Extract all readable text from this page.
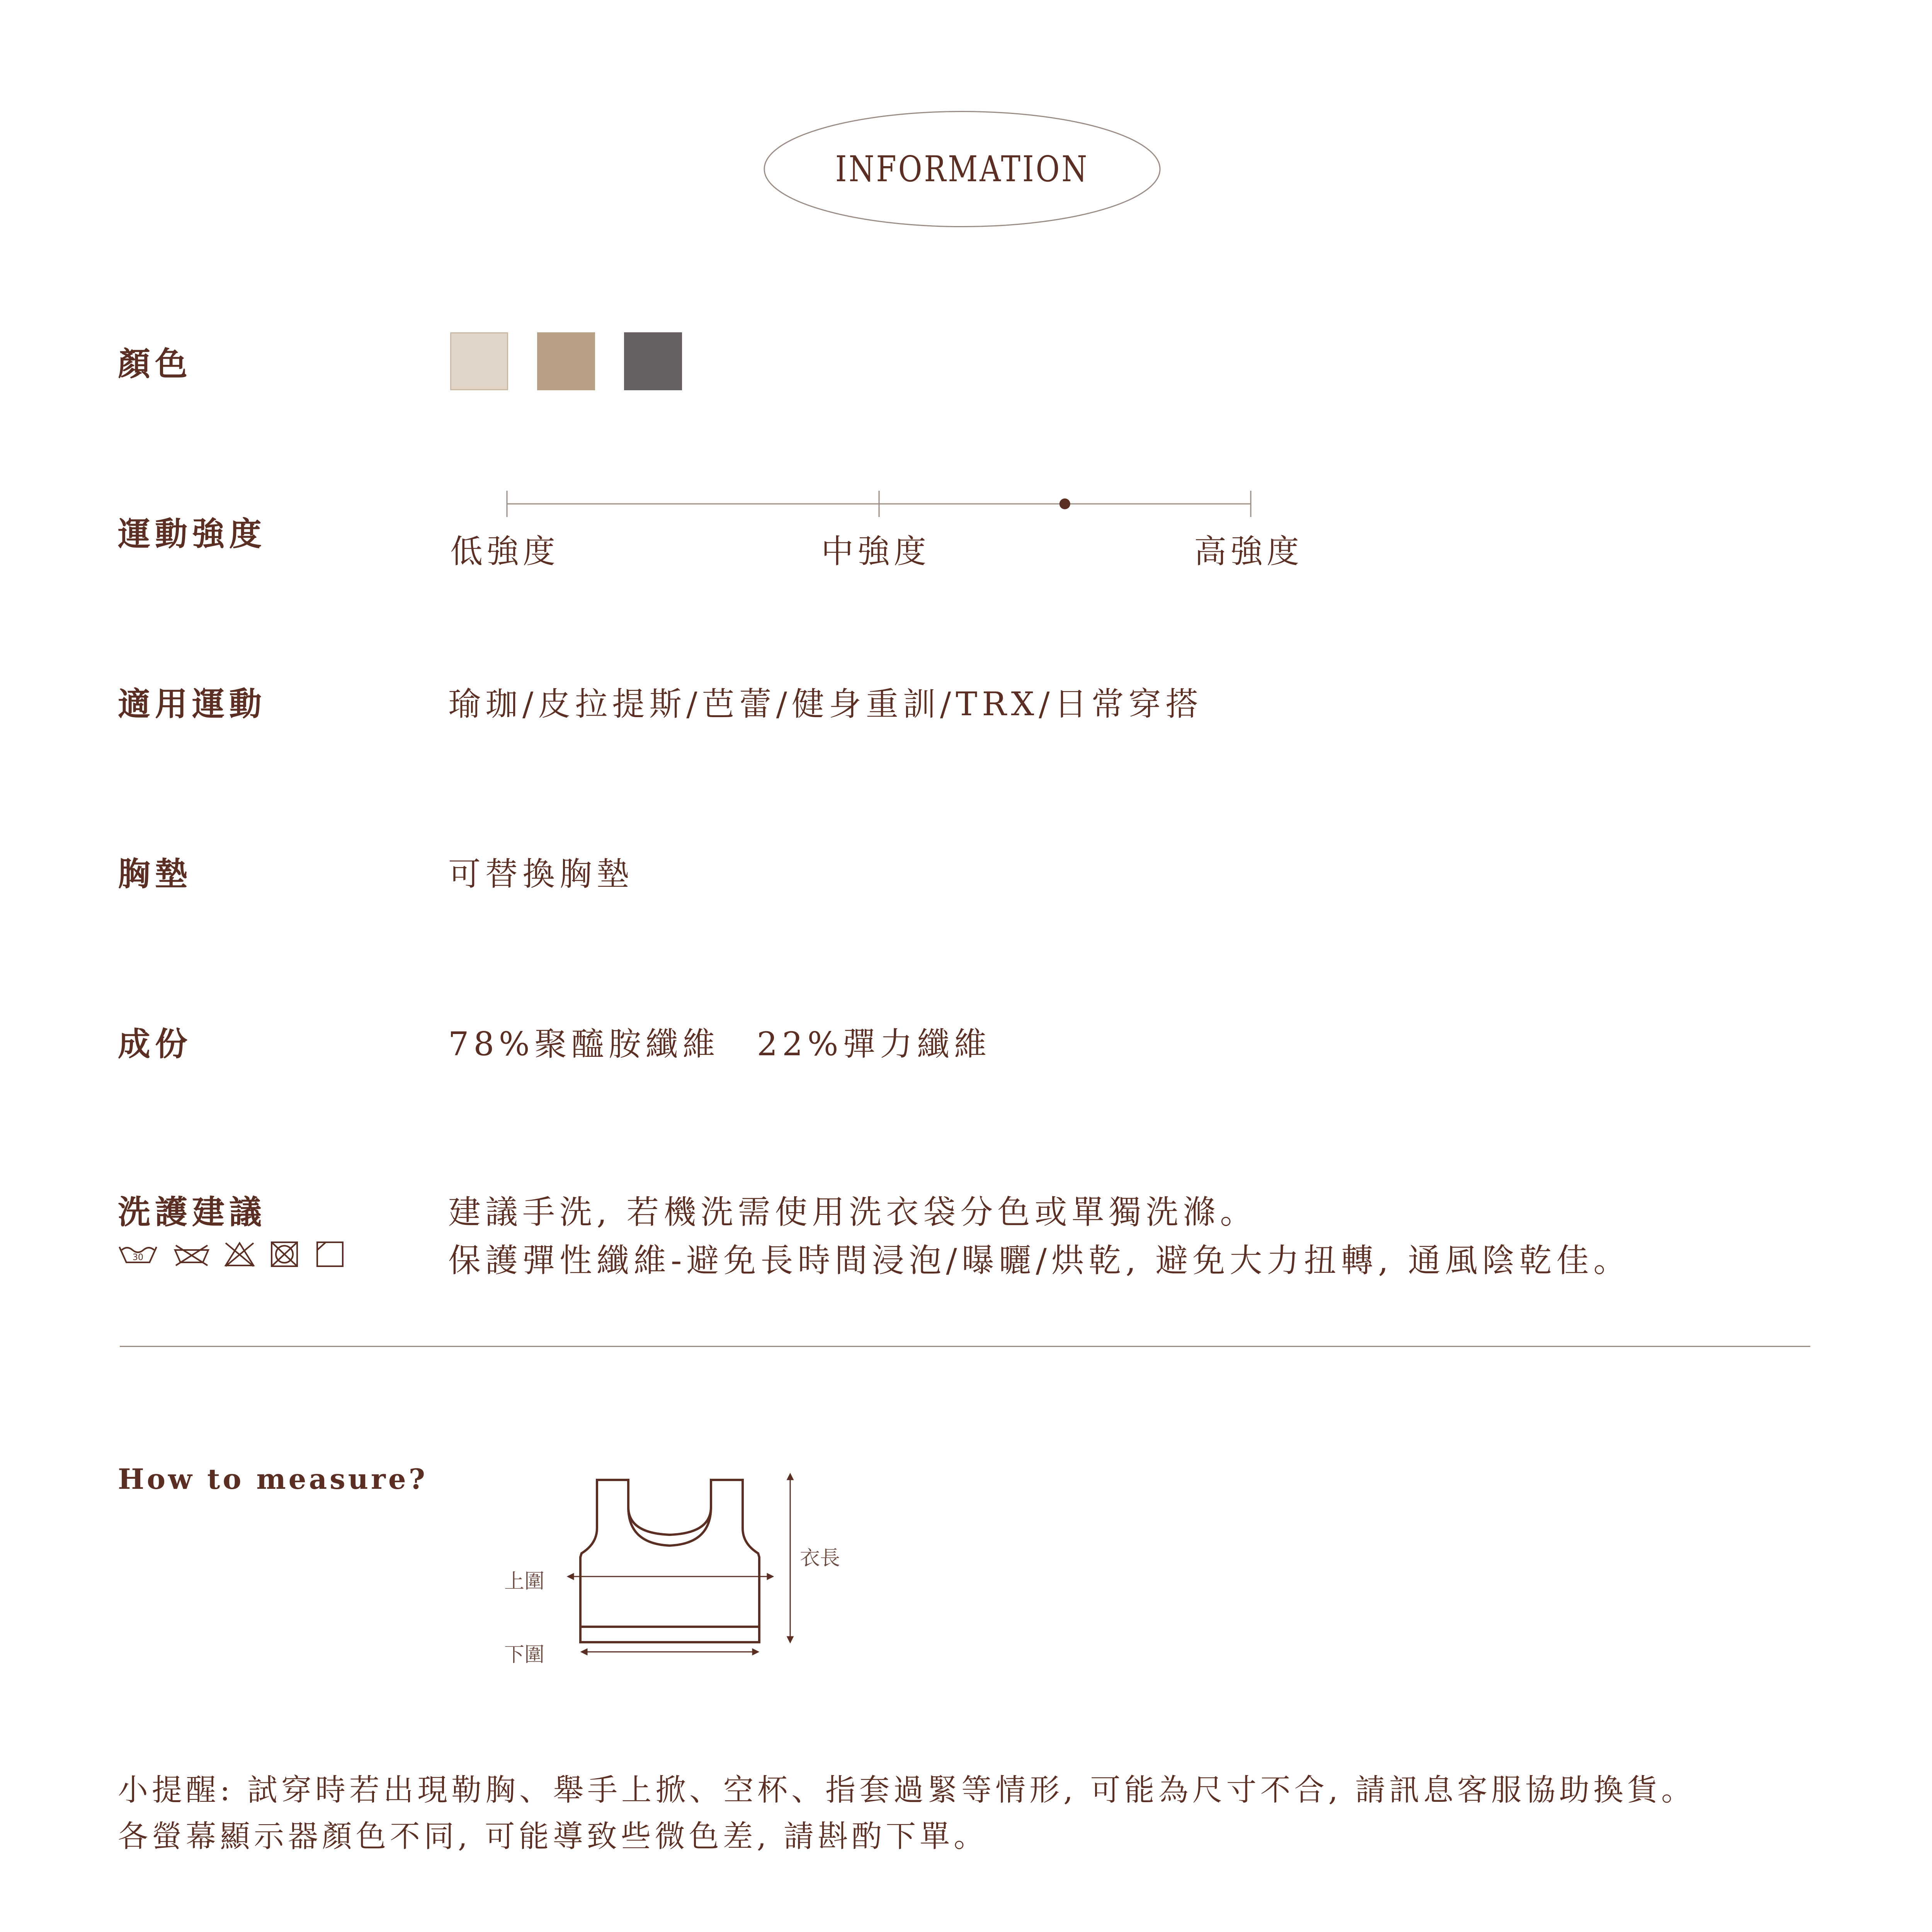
INFORMATION
顏色
運動強度	低強度	中強度	高強度
適用運動	瑜珈/皮拉提斯/芭蕾/健身重訓/TRX/日常穿搭
胸墊	可替換胸墊
成份	78%聚醯胺纖維　22%彈力纖維
洗護建議	建議手洗, 若機洗需使用洗衣袋分色或單獨洗滌。
保護彈性纖維-避免長時間浸泡/曝曬/烘乾, 避免大力扭轉, 通風陰乾佳。
30
How to measure?
上圍
下圍
衣長
小提醒: 試穿時若出現勒胸、舉手上掀、空杯、指套過緊等情形, 可能為尺寸不合, 請訊息客服協助換貨。
各螢幕顯示器顏色不同, 可能導致些微色差, 請斟酌下單。
